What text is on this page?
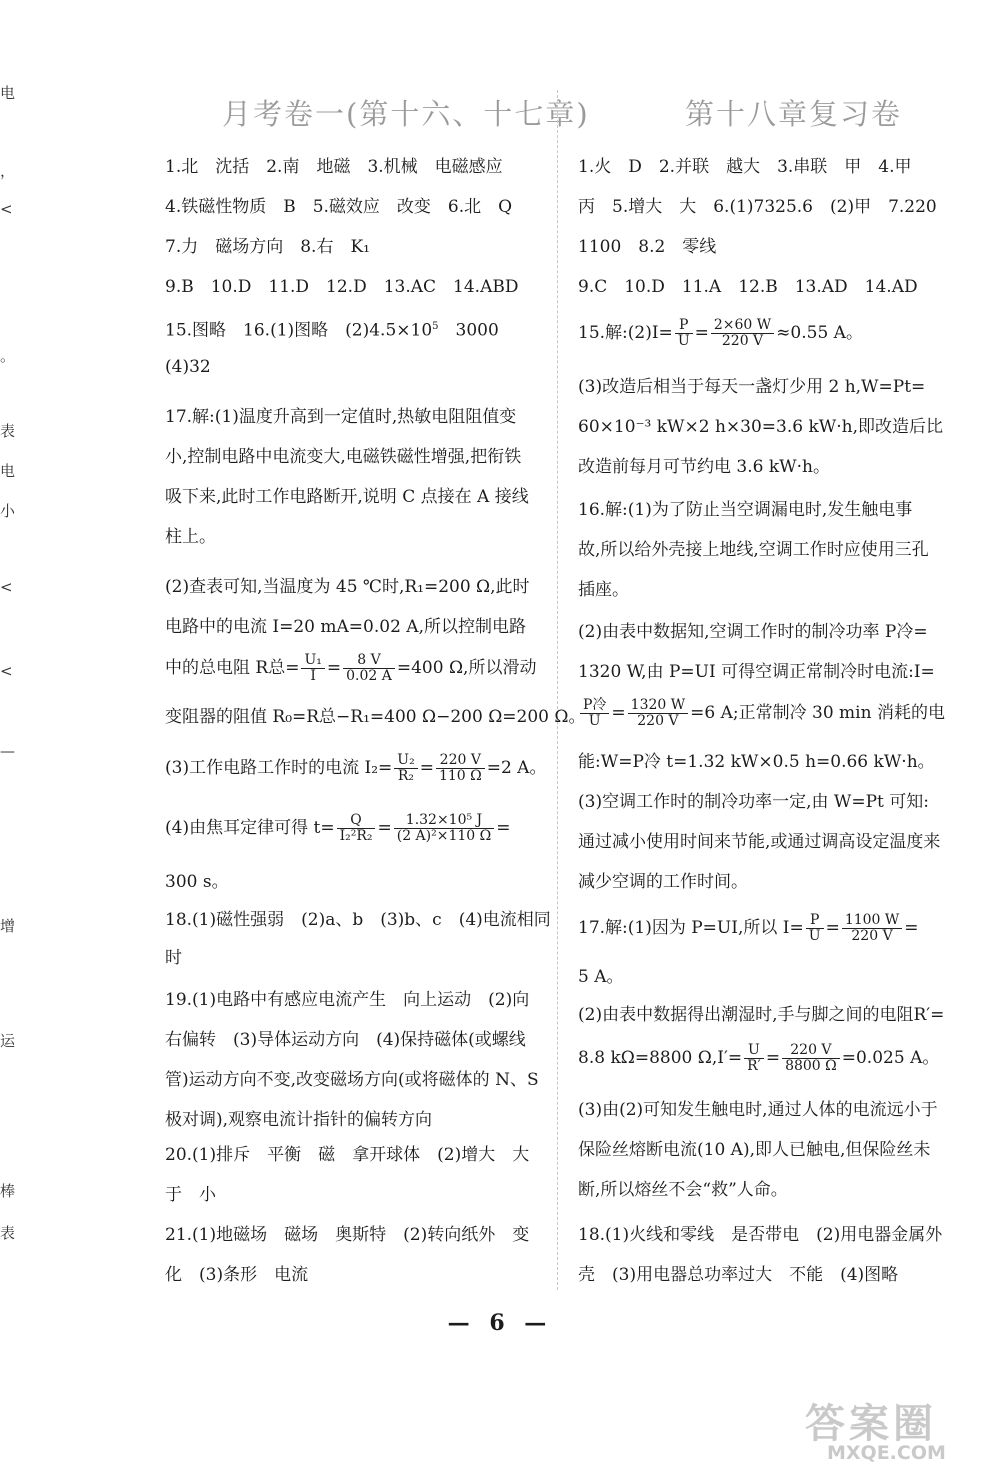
电
，
<
。
表
电
小
<
<
—
增
运
棒
表
月考卷一(第十六、十七章)	第十八章复习卷
1.北　沈括　2.南　地磁　3.机械　电磁感应
4.铁磁性物质　B　5.磁效应　改变　6.北　Q
7.力　磁场方向　8.右　K₁
9.B　10.D　11.D　12.D　13.AC　14.ABD
15.图略　16.(1)图略　$(2)4.5\times 10^5$　3000
(4)32
17.解:(1)温度升高到一定值时,热敏电阻阻值变
小,控制电路中电流变大,电磁铁磁性增强,把衔铁
吸下来,此时工作电路断开,说明 C 点接在 A 接线
柱上。
(2)查表可知,当温度为 45 ℃时,R₁=200 Ω,此时
电路中的电流 I=20 mA=0.02 A,所以控制电路
中的总电阻 R总= $\frac{\text{U₁}}{I} = \frac{8 V}{0.02 A} =400$ Ω,所以滑动
变阻器的阻值 R₀=R总−R₁=400 Ω−200 Ω=200 Ω。
(3)工作电路工作时的电流 $I_2= \frac{\text{U₂}}{\text{R₂}} = \frac{220 V}{110 \Omega} =2$ A。
(4)由焦耳定律可得 $t= \frac{Q}{\text{I₂²R₂}} = \frac{\text{1.32×10⁵ J}}{\text{(2 A)²×110 Ω}}$ =
300 s。
18.(1)磁性强弱　(2)a、b　(3)b、c　(4)电流相同
时
19.(1)电路中有感应电流产生　向上运动　(2)向
右偏转　(3)导体运动方向　(4)保持磁体(或螺线
管)运动方向不变,改变磁场方向(或将磁体的 N、S
极对调),观察电流计指针的偏转方向
20.(1)排斥　平衡　磁　拿开球体　(2)增大　大
于　小
21.(1)地磁场　磁场　奥斯特　(2)转向纸外　变
化　(3)条形　电流
1.火　D　2.并联　越大　3.串联　甲　4.甲
丙　5.增大　大　6.(1)7325.6　(2)甲　7.220
1100　8.2　零线
9.C　10.D　11.A　12.B　13.AD　14.AD
15.解:(2)I= $\frac{P}{U} = \frac{2\times 60 W}{220 V} \approx 0.55$ A。
(3)改造后相当于每天一盏灯少用 2 h,W=Pt=
60×10⁻³ kW×2 h×30=3.6 kW·h,即改造后比
改造前每月可节约电 3.6 kW·h。
16.解:(1)为了防止当空调漏电时,发生触电事
故,所以给外壳接上地线,空调工作时应使用三孔
插座。
(2)由表中数据知,空调工作时的制冷功率 P冷=
1320 W,由 P=UI 可得空调正常制冷时电流:I=
$\frac{\text{P冷}}{U} = \frac{1320 W}{220 V} =6$ A;正常制冷 30 min 消耗的电
能:W=P冷 t=1.32 kW×0.5 h=0.66 kW·h。
(3)空调工作时的制冷功率一定,由 W=Pt 可知:
通过减小使用时间来节能,或通过调高设定温度来
减少空调的工作时间。
17.解:(1)因为 P=UI,所以 $I= \frac{P}{U} = \frac{1100 W}{220 V}$ =
5 A。
(2)由表中数据得出潮湿时,手与脚之间的电阻R′=
8.8 kΩ=8800 $\Omega,I'= \frac{U}{R'} = \frac{220 V}{8800 \Omega} =0.025$ A。
(3)由(2)可知发生触电时,通过人体的电流远小于
保险丝熔断电流(10 A),即人已触电,但保险丝未
断,所以熔丝不会“救”人命。
18.(1)火线和零线　是否带电　(2)用电器金属外
壳　(3)用电器总功率过大　不能　(4)图略
— 6 —
答案圈
MXQE.COM
